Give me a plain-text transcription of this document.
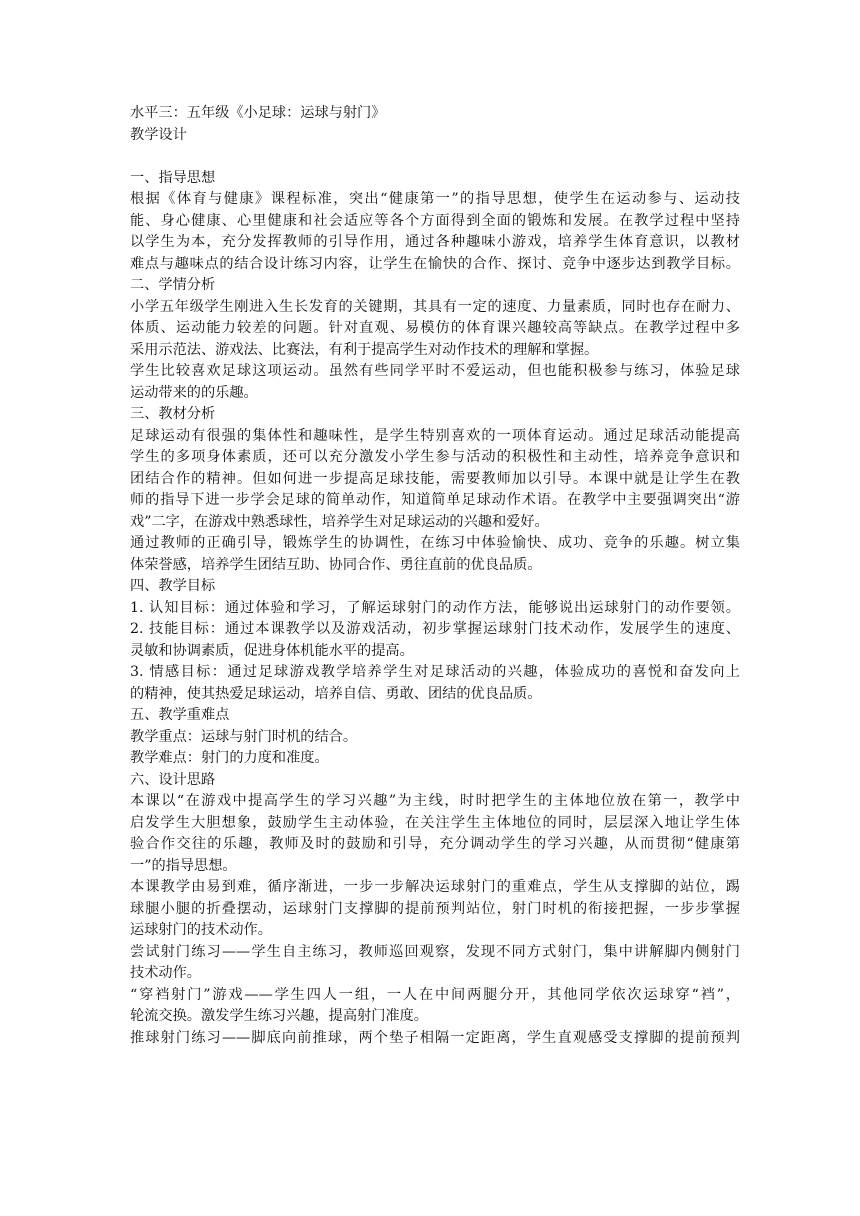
水平三：五年级《小足球：运球与射门》
教学设计
一、指导思想
根据《体育与健康》课程标准，突出“健康第一”的指导思想，使学生在运动参与、运动技
能、身心健康、心里健康和社会适应等各个方面得到全面的锻炼和发展。在教学过程中坚持
以学生为本，充分发挥教师的引导作用，通过各种趣味小游戏，培养学生体育意识，以教材
难点与趣味点的结合设计练习内容，让学生在愉快的合作、探讨、竞争中逐步达到教学目标。
二、学情分析
小学五年级学生刚进入生长发育的关键期，其具有一定的速度、力量素质，同时也存在耐力、
体质、运动能力较差的问题。针对直观、易模仿的体育课兴趣较高等缺点。在教学过程中多
采用示范法、游戏法、比赛法，有利于提高学生对动作技术的理解和掌握。
学生比较喜欢足球这项运动。虽然有些同学平时不爱运动，但也能积极参与练习，体验足球
运动带来的的乐趣。
三、教材分析
足球运动有很强的集体性和趣味性，是学生特别喜欢的一项体育运动。通过足球活动能提高
学生的多项身体素质，还可以充分激发小学生参与活动的积极性和主动性，培养竞争意识和
团结合作的精神。但如何进一步提高足球技能，需要教师加以引导。本课中就是让学生在教
师的指导下进一步学会足球的简单动作，知道简单足球动作术语。在教学中主要强调突出“游
戏”二字，在游戏中熟悉球性，培养学生对足球运动的兴趣和爱好。
通过教师的正确引导，锻炼学生的协调性，在练习中体验愉快、成功、竞争的乐趣。树立集
体荣誉感，培养学生团结互助、协同合作、勇往直前的优良品质。
四、教学目标
1. 认知目标：通过体验和学习，了解运球射门的动作方法，能够说出运球射门的动作要领。
2. 技能目标：通过本课教学以及游戏活动，初步掌握运球射门技术动作，发展学生的速度、
灵敏和协调素质，促进身体机能水平的提高。
3. 情感目标：通过足球游戏教学培养学生对足球活动的兴趣，体验成功的喜悦和奋发向上
的精神，使其热爱足球运动，培养自信、勇敢、团结的优良品质。
五、教学重难点
教学重点：运球与射门时机的结合。
教学难点：射门的力度和准度。
六、设计思路
本课以“在游戏中提高学生的学习兴趣”为主线，时时把学生的主体地位放在第一，教学中
启发学生大胆想象，鼓励学生主动体验，在关注学生主体地位的同时，层层深入地让学生体
验合作交往的乐趣，教师及时的鼓励和引导，充分调动学生的学习兴趣，从而贯彻“健康第
一”的指导思想。
本课教学由易到难，循序渐进，一步一步解决运球射门的重难点，学生从支撑脚的站位，踢
球腿小腿的折叠摆动，运球射门支撑脚的提前预判站位，射门时机的衔接把握，一步步掌握
运球射门的技术动作。
尝试射门练习——学生自主练习，教师巡回观察，发现不同方式射门，集中讲解脚内侧射门
技术动作。
“穿裆射门”游戏——学生四人一组，一人在中间两腿分开，其他同学依次运球穿“裆”，
轮流交换。激发学生练习兴趣，提高射门准度。
推球射门练习——脚底向前推球，两个垫子相隔一定距离，学生直观感受支撑脚的提前预判
